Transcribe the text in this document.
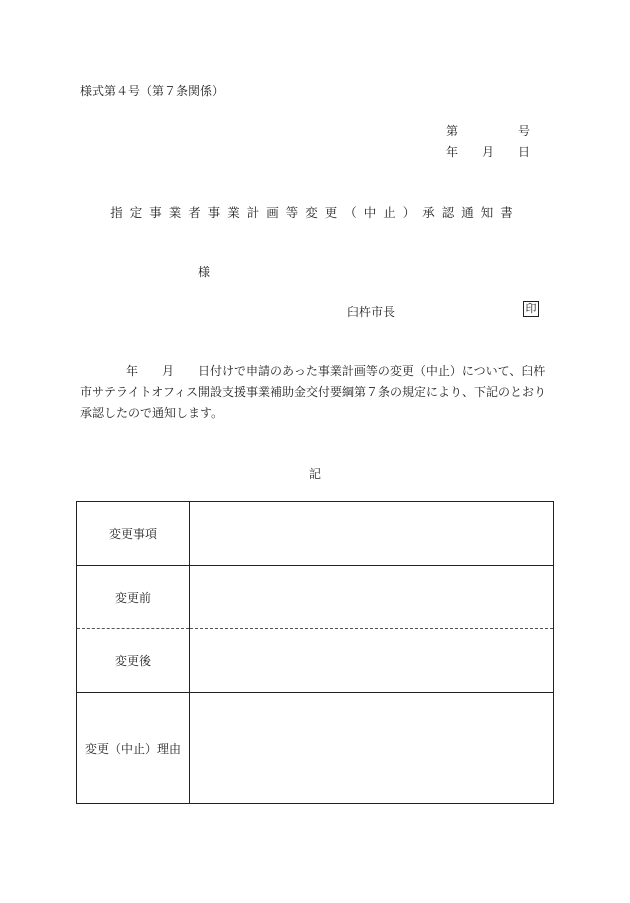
様式第４号（第７条関係）
第	号
年 月 日
指定事業者事業計画等変更（中止）承認通知書
様
臼杵市長	印

年 月 日付けで申請のあった事業計画等の変更（中止）について、臼杵

市サテライトオフィス開設支援事業補助金交付要綱第７条の規定により、下記のとおり

承認したので通知します。

記
変更事項	
変更前	
変更後	
変更（中止）理由	
